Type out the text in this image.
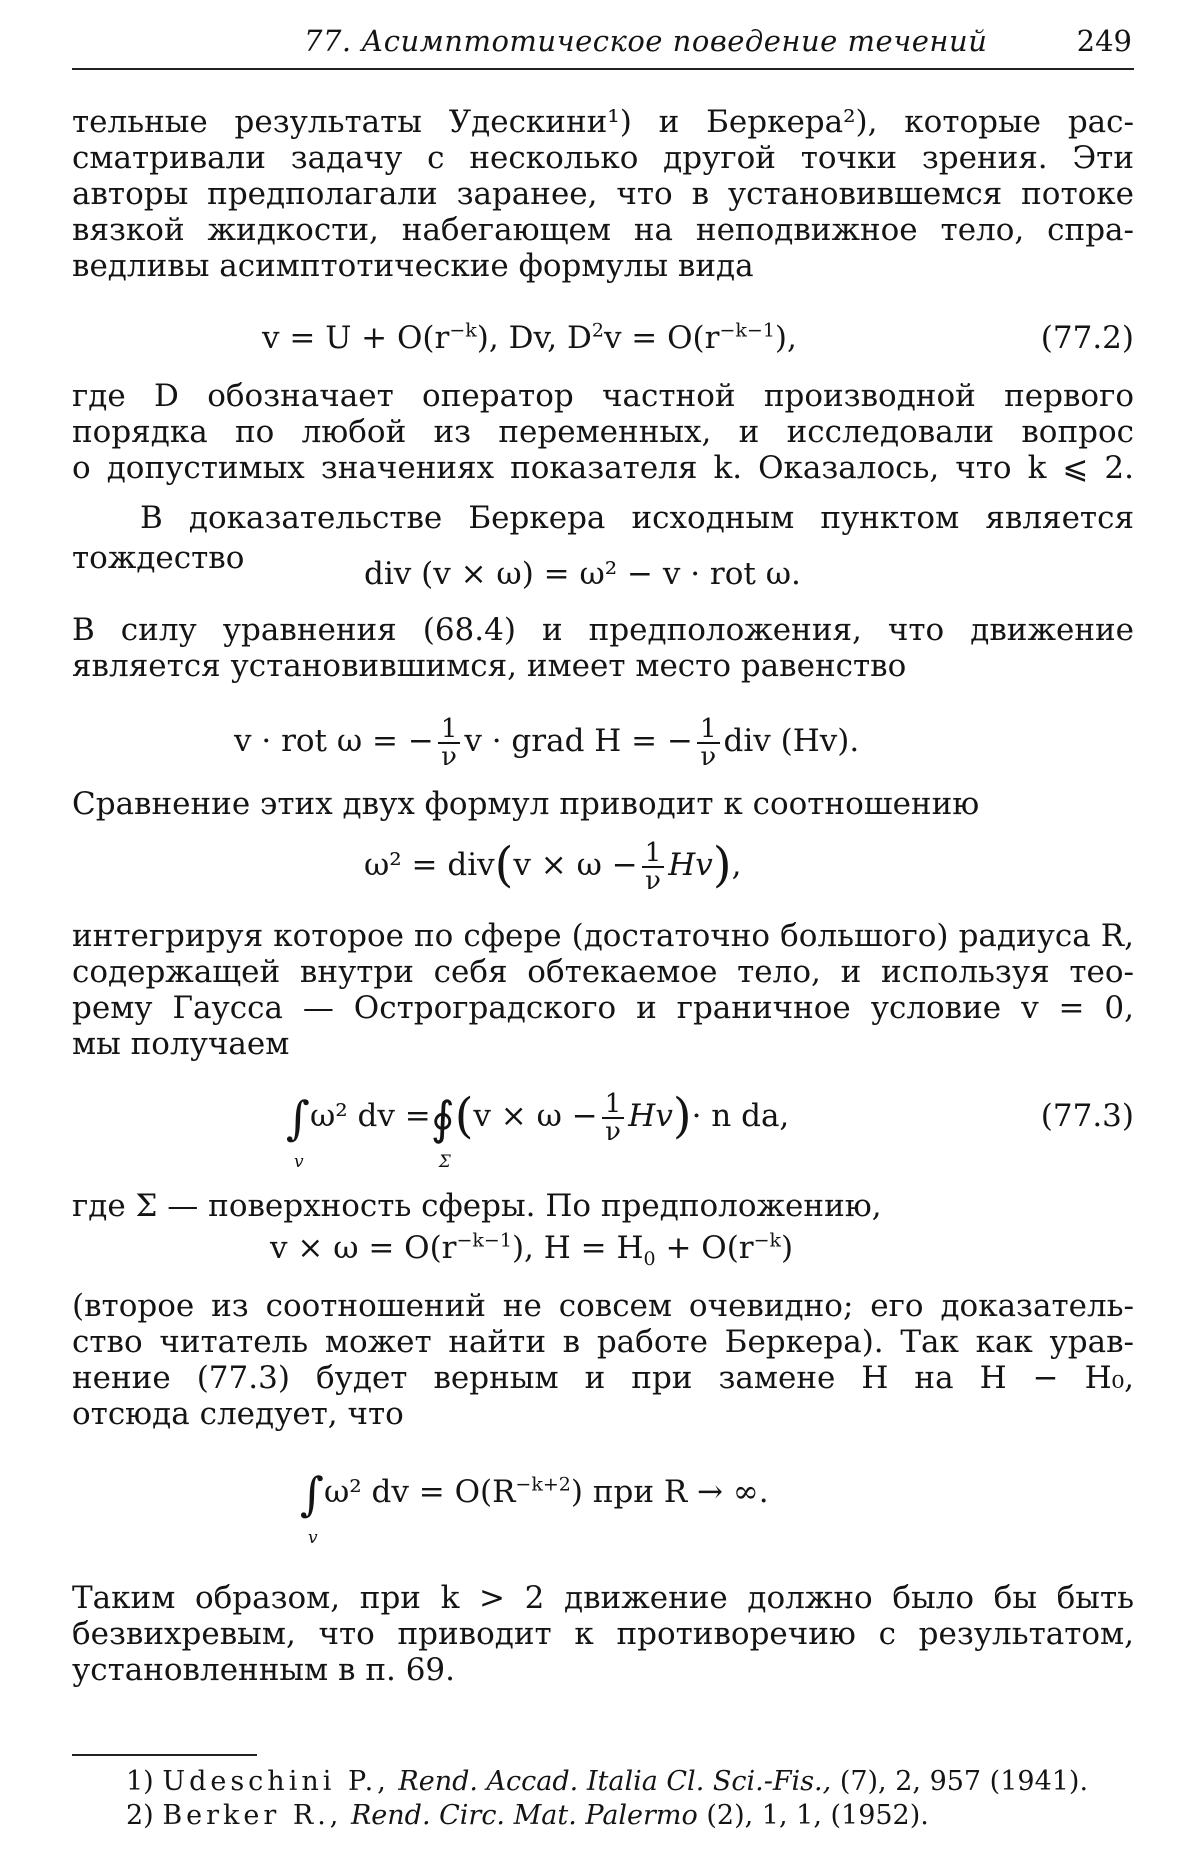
77. Асимптотическое поведение течений	249
тельные результаты Удескини¹) и Беркера²), которые рас-
сматривали задачу с несколько другой точки зрения. Эти
авторы предполагали заранее, что в установившемся потоке
вязкой жидкости, набегающем на неподвижное тело, спра-
ведливы асимптотические формулы вида
$v = U + O(r^{-k})$, Dv, $D^2v = O(r^{-k-1})$,	(77.2)
где D обозначает оператор частной производной первого
порядка по любой из переменных, и исследовали вопрос
о допустимых значениях показателя k. Оказалось, что k ⩽ 2.
В доказательстве Беркера исходным пунктом является
тождество	div (v × ω) = ω² − v · rot ω.
В силу уравнения (68.4) и предположения, что движение
является установившимся, имеет место равенство
v · rot ω = − $\frac{1}{\nu}$ v · grad H = − $\frac{1}{\nu}$ div (Hv).
Сравнение этих двух формул приводит к соотношению
$\omega^2 = div(v \times \omega - \frac{1}{\nu} Hv)$,
интегрируя которое по сфере (достаточно большого) радиуса R,
содержащей внутри себя обтекаемое тело, и используя тео-
рему Гаусса — Остроградского и граничное условие v = 0,
мы получаем
∫
v
ω² dv =∮
Σ
$(v \times \omega - \frac{1}{\nu} Hv)\cdot n$ da,	(77.3)
где Σ — поверхность сферы. По предположению,
$v \times \omega = O(r^{-k-1})$, $H = H_0 + O(r^{-k})$
(второе из соотношений не совсем очевидно; его доказатель-
ство читатель может найти в работе Беркера). Так как урав-
нение (77.3) будет верным и при замене H на H − H₀,
отсюда следует, что
∫
v
ω² dv = $O(R^{-k+2})$ при R → ∞.
Таким образом, при k > 2 движение должно было бы быть
безвихревым, что приводит к противоречию с результатом,
установленным в п. 69.
1) Udeschini P., Rend. Accad. Italia Cl. Sci.-Fis., (7), 2, 957 (1941).
2) Berker R., Rend. Circ. Mat. Palermo (2), 1, 1, (1952).
